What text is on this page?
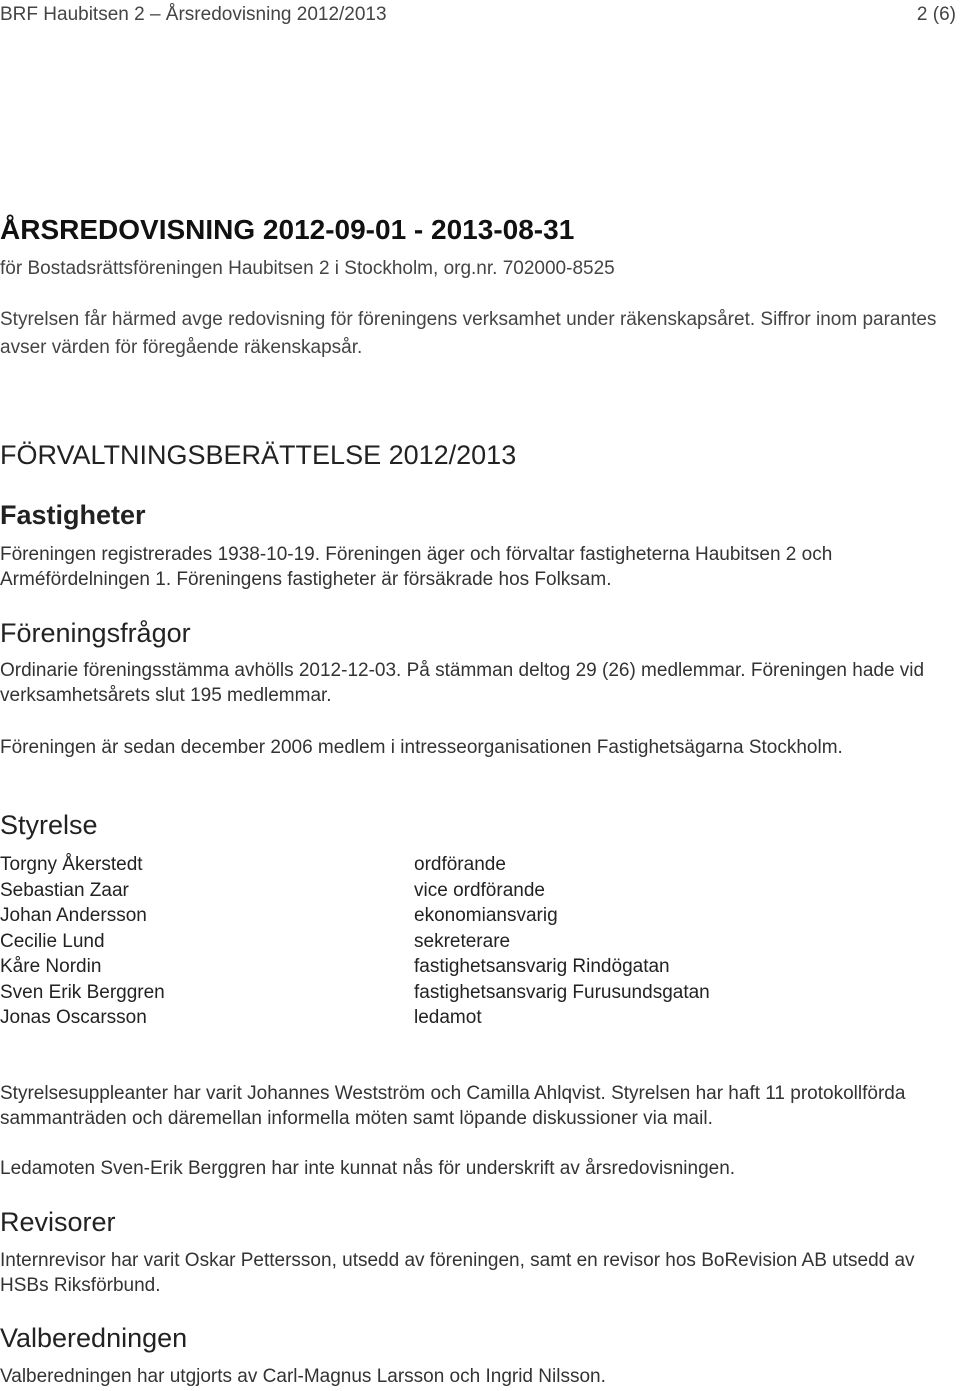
BRF Haubitsen 2 – Årsredovisning 2012/2013	2 (6)
ÅRSREDOVISNING 2012-09-01 - 2013-08-31
för Bostadsrättsföreningen Haubitsen 2 i Stockholm, org.nr. 702000-8525
Styrelsen får härmed avge redovisning för föreningens verksamhet under räkenskapsåret. Siffror inom parantes avser värden för föregående räkenskapsår.
FÖRVALTNINGSBERÄTTELSE 2012/2013
Fastigheter
Föreningen registrerades 1938-10-19. Föreningen äger och förvaltar fastigheterna Haubitsen 2 och Arméfördelningen 1. Föreningens fastigheter är försäkrade hos Folksam.
Föreningsfrågor
Ordinarie föreningsstämma avhölls 2012-12-03. På stämman deltog 29 (26) medlemmar. Föreningen hade vid verksamhetsårets slut 195 medlemmar.
Föreningen är sedan december 2006 medlem i intresseorganisationen Fastighetsägarna Stockholm.
Styrelse
Torgny Åkerstedt	ordförande
Sebastian Zaar	vice ordförande
Johan Andersson	ekonomiansvarig
Cecilie Lund	sekreterare
Kåre Nordin	fastighetsansvarig Rindögatan
Sven Erik Berggren	fastighetsansvarig Furusundsgatan
Jonas Oscarsson	ledamot
Styrelsesuppleanter har varit Johannes Westström och Camilla Ahlqvist. Styrelsen har haft 11 protokollförda sammanträden och däremellan informella möten samt löpande diskussioner via mail.
Ledamoten Sven-Erik Berggren har inte kunnat nås för underskrift av årsredovisningen.
Revisorer
Internrevisor har varit Oskar Pettersson, utsedd av föreningen, samt en revisor hos BoRevision AB utsedd av HSBs Riksförbund.
Valberedningen
Valberedningen har utgjorts av Carl-Magnus Larsson och Ingrid Nilsson.
